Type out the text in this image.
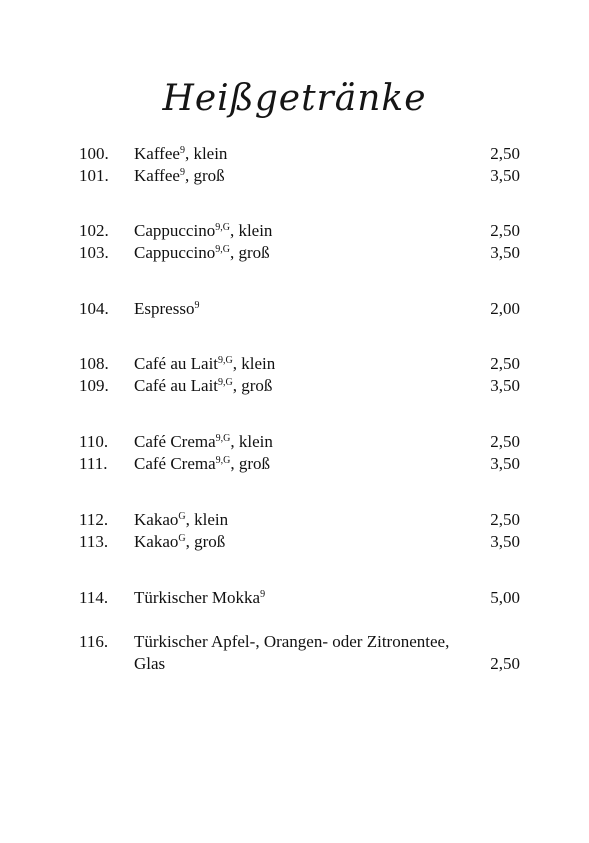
Heißgetränke
100. Kaffee$^9$, klein	2,50
101. Kaffee$^9$, groß	3,50
102. Cappuccino$^{9,G}$, klein	2,50
103. Cappuccino$^{9,G}$, groß	3,50
104. Espresso$^9$	2,00
108. Café au Lait$^{9,G}$, klein	2,50
109. Café au Lait$^{9,G}$, groß	3,50
110. Café Crema$^{9,G}$, klein	2,50
111. Café Crema$^{9,G}$, groß	3,50
112. Kakao$^G$, klein	2,50
113. Kakao$^G$, groß	3,50
114. Türkischer Mokka$^9$	5,00
116. Türkischer Apfel-, Orangen- oder Zitronentee,
Glas	2,50
